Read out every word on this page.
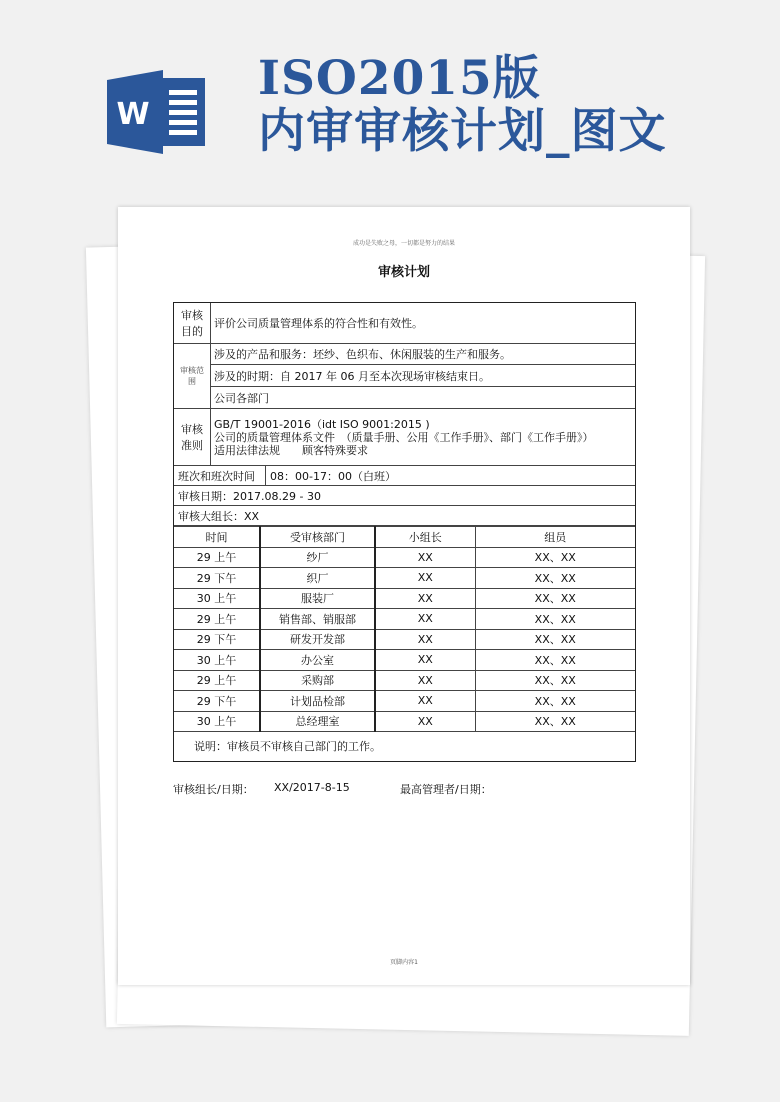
W
ISO2015版
内审审核计划_图文
成功是失败之母，一切都是努力的结果
审核计划
审核目的
评价公司质量管理体系的符合性和有效性。
审核范围
涉及的产品和服务：坯纱、色织布、休闲服装的生产和服务。
涉及的时期：自 2017 年 06 月至本次现场审核结束日。
公司各部门
审核准则
GB/T 19001-2016（idt ISO 9001:2015 )
公司的质量管理体系文件　（质量手册、公用《工作手册》、部门《工作手册》）
适用法律法规　　顾客特殊要求
班次和班次时间	08：00-17：00（白班）
审核日期：2017.08.29 - 30
审核大组长：XX
时间	受审核部门	小组长	组员
29 上午	纱厂	XX	XX、XX
29 下午	织厂	XX	XX、XX
30 上午	服装厂	XX	XX、XX
29 上午	销售部、销服部	XX	XX、XX
29 下午	研发开发部	XX	XX、XX
30 上午	办公室	XX	XX、XX
29 上午	采购部	XX	XX、XX
29 下午	计划品检部	XX	XX、XX
30 上午	总经理室	XX	XX、XX
说明：审核员不审核自己部门的工作。
审核组长/日期： XX/2017-8-15	最高管理者/日期：
页脚内容1
